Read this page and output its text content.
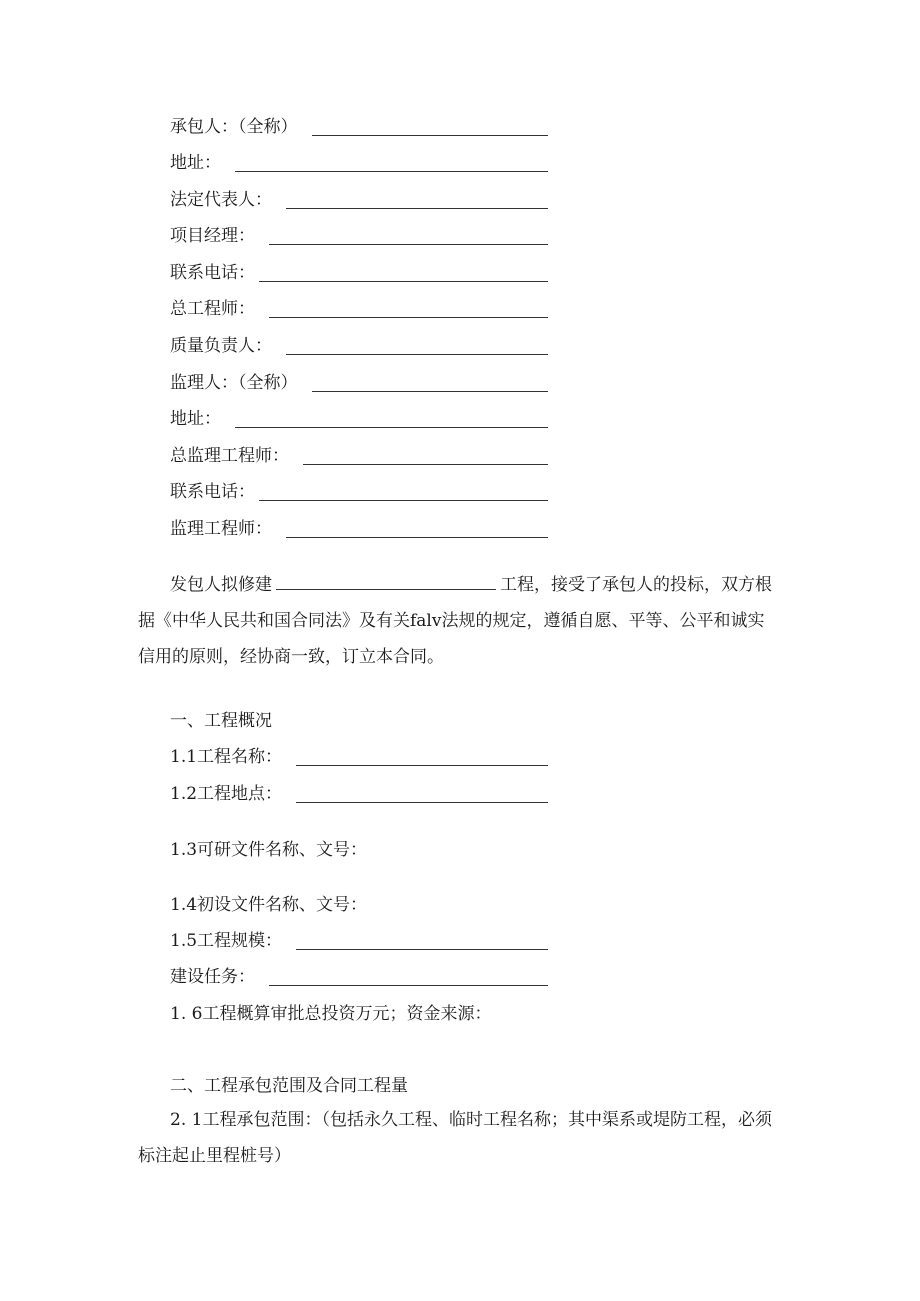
承包人：（全称）
地址：
法定代表人：
项目经理：
联系电话：
总工程师：
质量负责人：
监理人：（全称）
地址：
总监理工程师：
联系电话：
监理工程师：

发包人拟修建	工程，接受了承包人的投标，双方根据《中华人民共和国合同法》及有关falv法规的规定，遵循自愿、平等、公平和诚实信用的原则，经协商一致，订立本合同。

一、工程概况

1.1工程名称：
1.2工程地点：

1.3可研文件名称、文号：

1.4初设文件名称、文号：

1.5工程规模：
建设任务：

1. 6工程概算审批总投资万元；资金来源：

二、工程承包范围及合同工程量

2. 1工程承包范围：（包括永久工程、临时工程名称；其中渠系或堤防工程，必须标注起止里程桩号）
